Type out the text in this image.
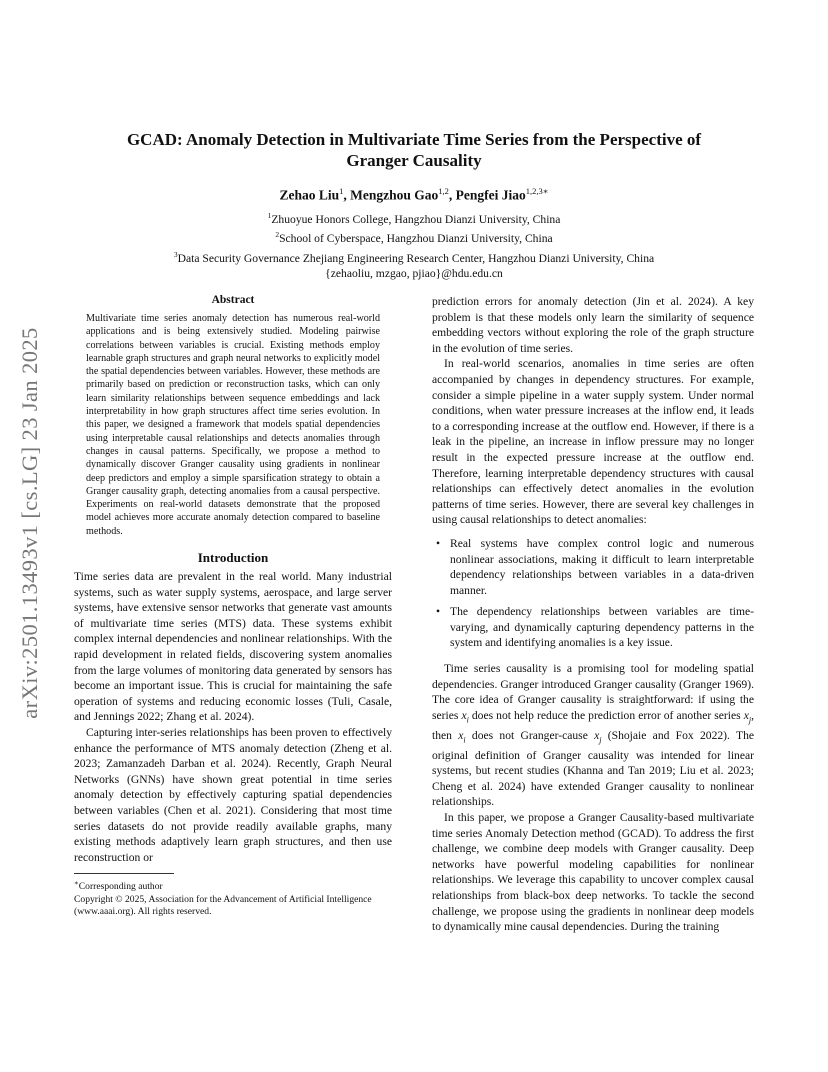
arXiv:2501.13493v1 [cs.LG] 23 Jan 2025
GCAD: Anomaly Detection in Multivariate Time Series from the Perspective of Granger Causality
Zehao Liu$^1$, Mengzhou Gao$^{1,2}$, Pengfei Jiao$^{1,2,3∗}$
$^1$Zhuoyue Honors College, Hangzhou Dianzi University, China
$^2$School of Cyberspace, Hangzhou Dianzi University, China
$^3$Data Security Governance Zhejiang Engineering Research Center, Hangzhou Dianzi University, China
{zehaoliu, mzgao, pjiao}@hdu.edu.cn
Abstract

Multivariate time series anomaly detection has numerous real-world applications and is being extensively studied. Modeling pairwise correlations between variables is crucial. Existing methods employ learnable graph structures and graph neural networks to explicitly model the spatial dependencies between variables. However, these methods are primarily based on prediction or reconstruction tasks, which can only learn similarity relationships between sequence embeddings and lack interpretability in how graph structures affect time series evolution. In this paper, we designed a framework that models spatial dependencies using interpretable causal relationships and detects anomalies through changes in causal patterns. Specifically, we propose a method to dynamically discover Granger causality using gradients in nonlinear deep predictors and employ a simple sparsification strategy to obtain a Granger causality graph, detecting anomalies from a causal perspective. Experiments on real-world datasets demonstrate that the proposed model achieves more accurate anomaly detection compared to baseline methods.

Introduction

Time series data are prevalent in the real world. Many industrial systems, such as water supply systems, aerospace, and large server systems, have extensive sensor networks that generate vast amounts of multivariate time series (MTS) data. These systems exhibit complex internal dependencies and nonlinear relationships. With the rapid development in related fields, discovering system anomalies from the large volumes of monitoring data generated by sensors has become an important issue. This is crucial for maintaining the safe operation of systems and reducing economic losses (Tuli, Casale, and Jennings 2022; Zhang et al. 2024).

Capturing inter-series relationships has been proven to effectively enhance the performance of MTS anomaly detection (Zheng et al. 2023; Zamanzadeh Darban et al. 2024). Recently, Graph Neural Networks (GNNs) have shown great potential in time series anomaly detection by effectively capturing spatial dependencies between variables (Chen et al. 2021). Considering that most time series datasets do not provide readily available graphs, many existing methods adaptively learn graph structures, and then use reconstruction or

∗Corresponding author
Copyright © 2025, Association for the Advancement of Artificial Intelligence (www.aaai.org). All rights reserved.

prediction errors for anomaly detection (Jin et al. 2024). A key problem is that these models only learn the similarity of sequence embedding vectors without exploring the role of the graph structure in the evolution of time series.

In real-world scenarios, anomalies in time series are often accompanied by changes in dependency structures. For example, consider a simple pipeline in a water supply system. Under normal conditions, when water pressure increases at the inflow end, it leads to a corresponding increase at the outflow end. However, if there is a leak in the pipeline, an increase in inflow pressure may no longer result in the expected pressure increase at the outflow end. Therefore, learning interpretable dependency structures with causal relationships can effectively detect anomalies in the evolution patterns of time series. However, there are several key challenges in using causal relationships to detect anomalies:

• Real systems have complex control logic and numerous nonlinear associations, making it difficult to learn interpretable dependency relationships between variables in a data-driven manner.
• The dependency relationships between variables are time-varying, and dynamically capturing dependency patterns in the system and identifying anomalies is a key issue.

Time series causality is a promising tool for modeling spatial dependencies. Granger introduced Granger causality (Granger 1969). The core idea of Granger causality is straightforward: if using the series $x_i$ does not help reduce the prediction error of another series $x_j$, then $x_i$ does not Granger-cause $x_j$ (Shojaie and Fox 2022). The original definition of Granger causality was intended for linear systems, but recent studies (Khanna and Tan 2019; Liu et al. 2023; Cheng et al. 2024) have extended Granger causality to nonlinear relationships.

In this paper, we propose a Granger Causality-based multivariate time series Anomaly Detection method (GCAD). To address the first challenge, we combine deep models with Granger causality. Deep networks have powerful modeling capabilities for nonlinear relationships. We leverage this capability to uncover complex causal relationships from black-box deep networks. To tackle the second challenge, we propose using the gradients in nonlinear deep models to dynamically mine causal dependencies. During the training
